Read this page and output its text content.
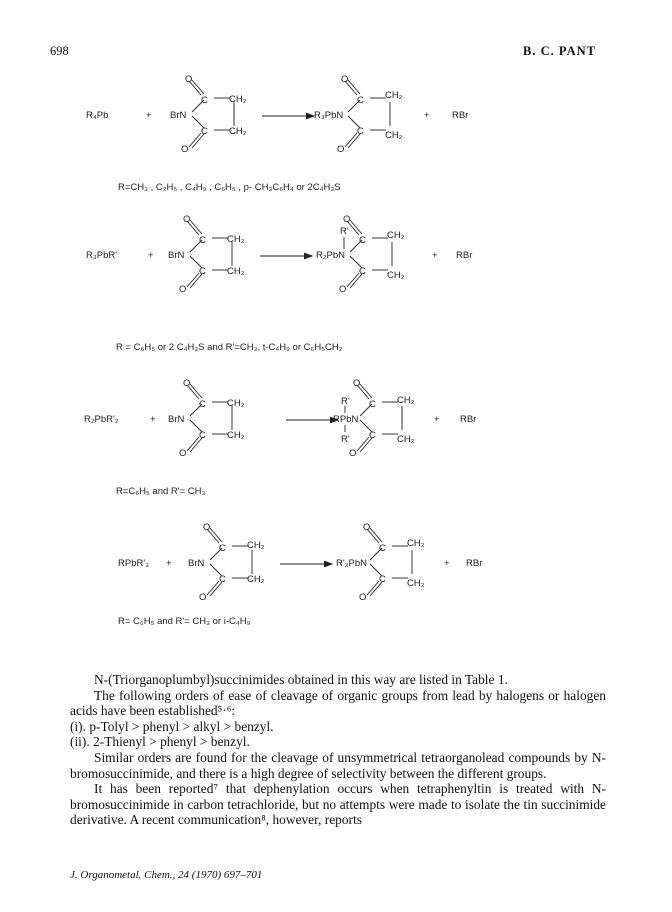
698	B. C. PANT
R₄Pb	+ BrN
C CH₂
C CH₂
O
O
R₃PbN
C CH₂
C CH₂
O
O
+ RBr
R=CH₃ , C₂H₅ , C₄H₉ , C₆H₅ , p- CH₃C₆H₄ or 2C₄H₃S
R₃PbR'	+ BrN
C CH₂
C CH₂
O
O
R'
R₂PbN
C CH₂
C CH₂
O
O
+ RBr
R = C₆H₅ or 2 C₄H₃S and R'=CH₃, t-C₄H₉ or C₆H₅CH₂
R₂PbR'₂	+ BrN
C CH₂
C CH₂
O
O
R'
RPbN
R'
C CH₂
C CH₂
O
O
+ RBr
R=C₆H₅ and R'= CH₃
RPbR'₃ + BrN
C CH₂
C CH₂
O
O
R'₃PbN
C CH₂
C CH₂
O
O
+ RBr
R= C₆H₅ and R'= CH₃ or i-C₄H₉

N-(Triorganoplumbyl)succinimides obtained in this way are listed in Table 1.

The following orders of ease of cleavage of organic groups from lead by halogens or halogen acids have been established⁵·⁶:

(i). p-Tolyl > phenyl > alkyl > benzyl.

(ii). 2-Thienyl > phenyl > benzyl.

Similar orders are found for the cleavage of unsymmetrical tetraorganolead compounds by N-bromosuccinimide, and there is a high degree of selectivity between the different groups.

It has been reported⁷ that dephenylation occurs when tetraphenyltin is treated with N-bromosuccinimide in carbon tetrachloride, but no attempts were made to isolate the tin succinimide derivative. A recent communication⁸, however, reports

J. Organometal. Chem., 24 (1970) 697–701
